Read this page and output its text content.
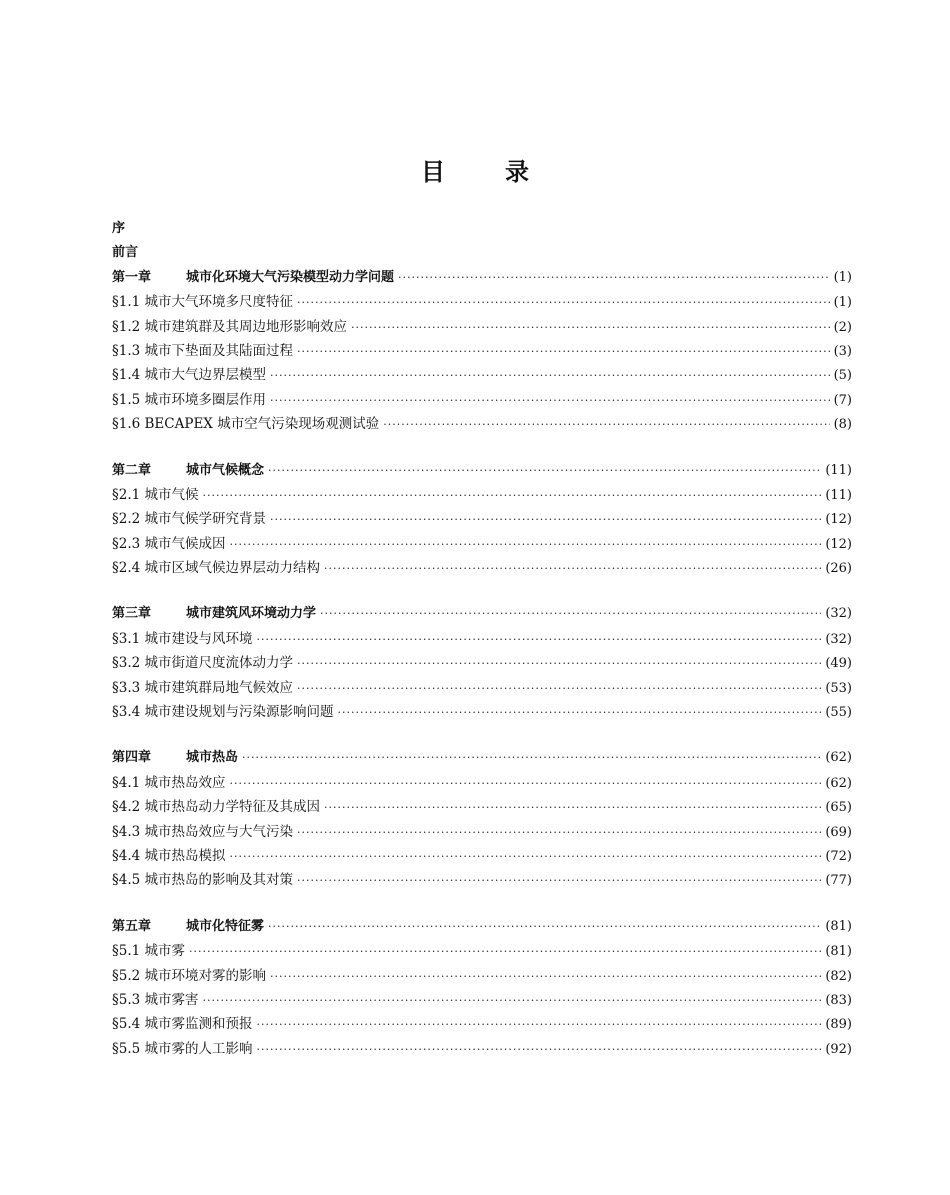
目	录
序
前言
第一章	城市化环境大气污染模型动力学问题 ·····	(1)
§1.1 城市大气环境多尺度特征 ·····	(1)
§1.2 城市建筑群及其周边地形影响效应 ·····	(2)
§1.3 城市下垫面及其陆面过程 ·····	(3)
§1.4 城市大气边界层模型 ·····	(5)
§1.5 城市环境多圈层作用 ·····	(7)
§1.6 BECAPEX 城市空气污染现场观测试验 ·····	(8)
第二章	城市气候概念 ·····	(11)
§2.1 城市气候 ·····	(11)
§2.2 城市气候学研究背景 ·····	(12)
§2.3 城市气候成因 ·····	(12)
§2.4 城市区域气候边界层动力结构 ·····	(26)
第三章	城市建筑风环境动力学 ·····	(32)
§3.1 城市建设与风环境 ·····	(32)
§3.2 城市街道尺度流体动力学 ·····	(49)
§3.3 城市建筑群局地气候效应 ·····	(53)
§3.4 城市建设规划与污染源影响问题 ·····	(55)
第四章	城市热岛 ·····	(62)
§4.1 城市热岛效应 ·····	(62)
§4.2 城市热岛动力学特征及其成因 ·····	(65)
§4.3 城市热岛效应与大气污染 ·····	(69)
§4.4 城市热岛模拟 ·····	(72)
§4.5 城市热岛的影响及其对策 ·····	(77)
第五章	城市化特征雾 ·····	(81)
§5.1 城市雾 ·····	(81)
§5.2 城市环境对雾的影响 ·····	(82)
§5.3 城市雾害 ·····	(83)
§5.4 城市雾监测和预报 ·····	(89)
§5.5 城市雾的人工影响 ·····	(92)
